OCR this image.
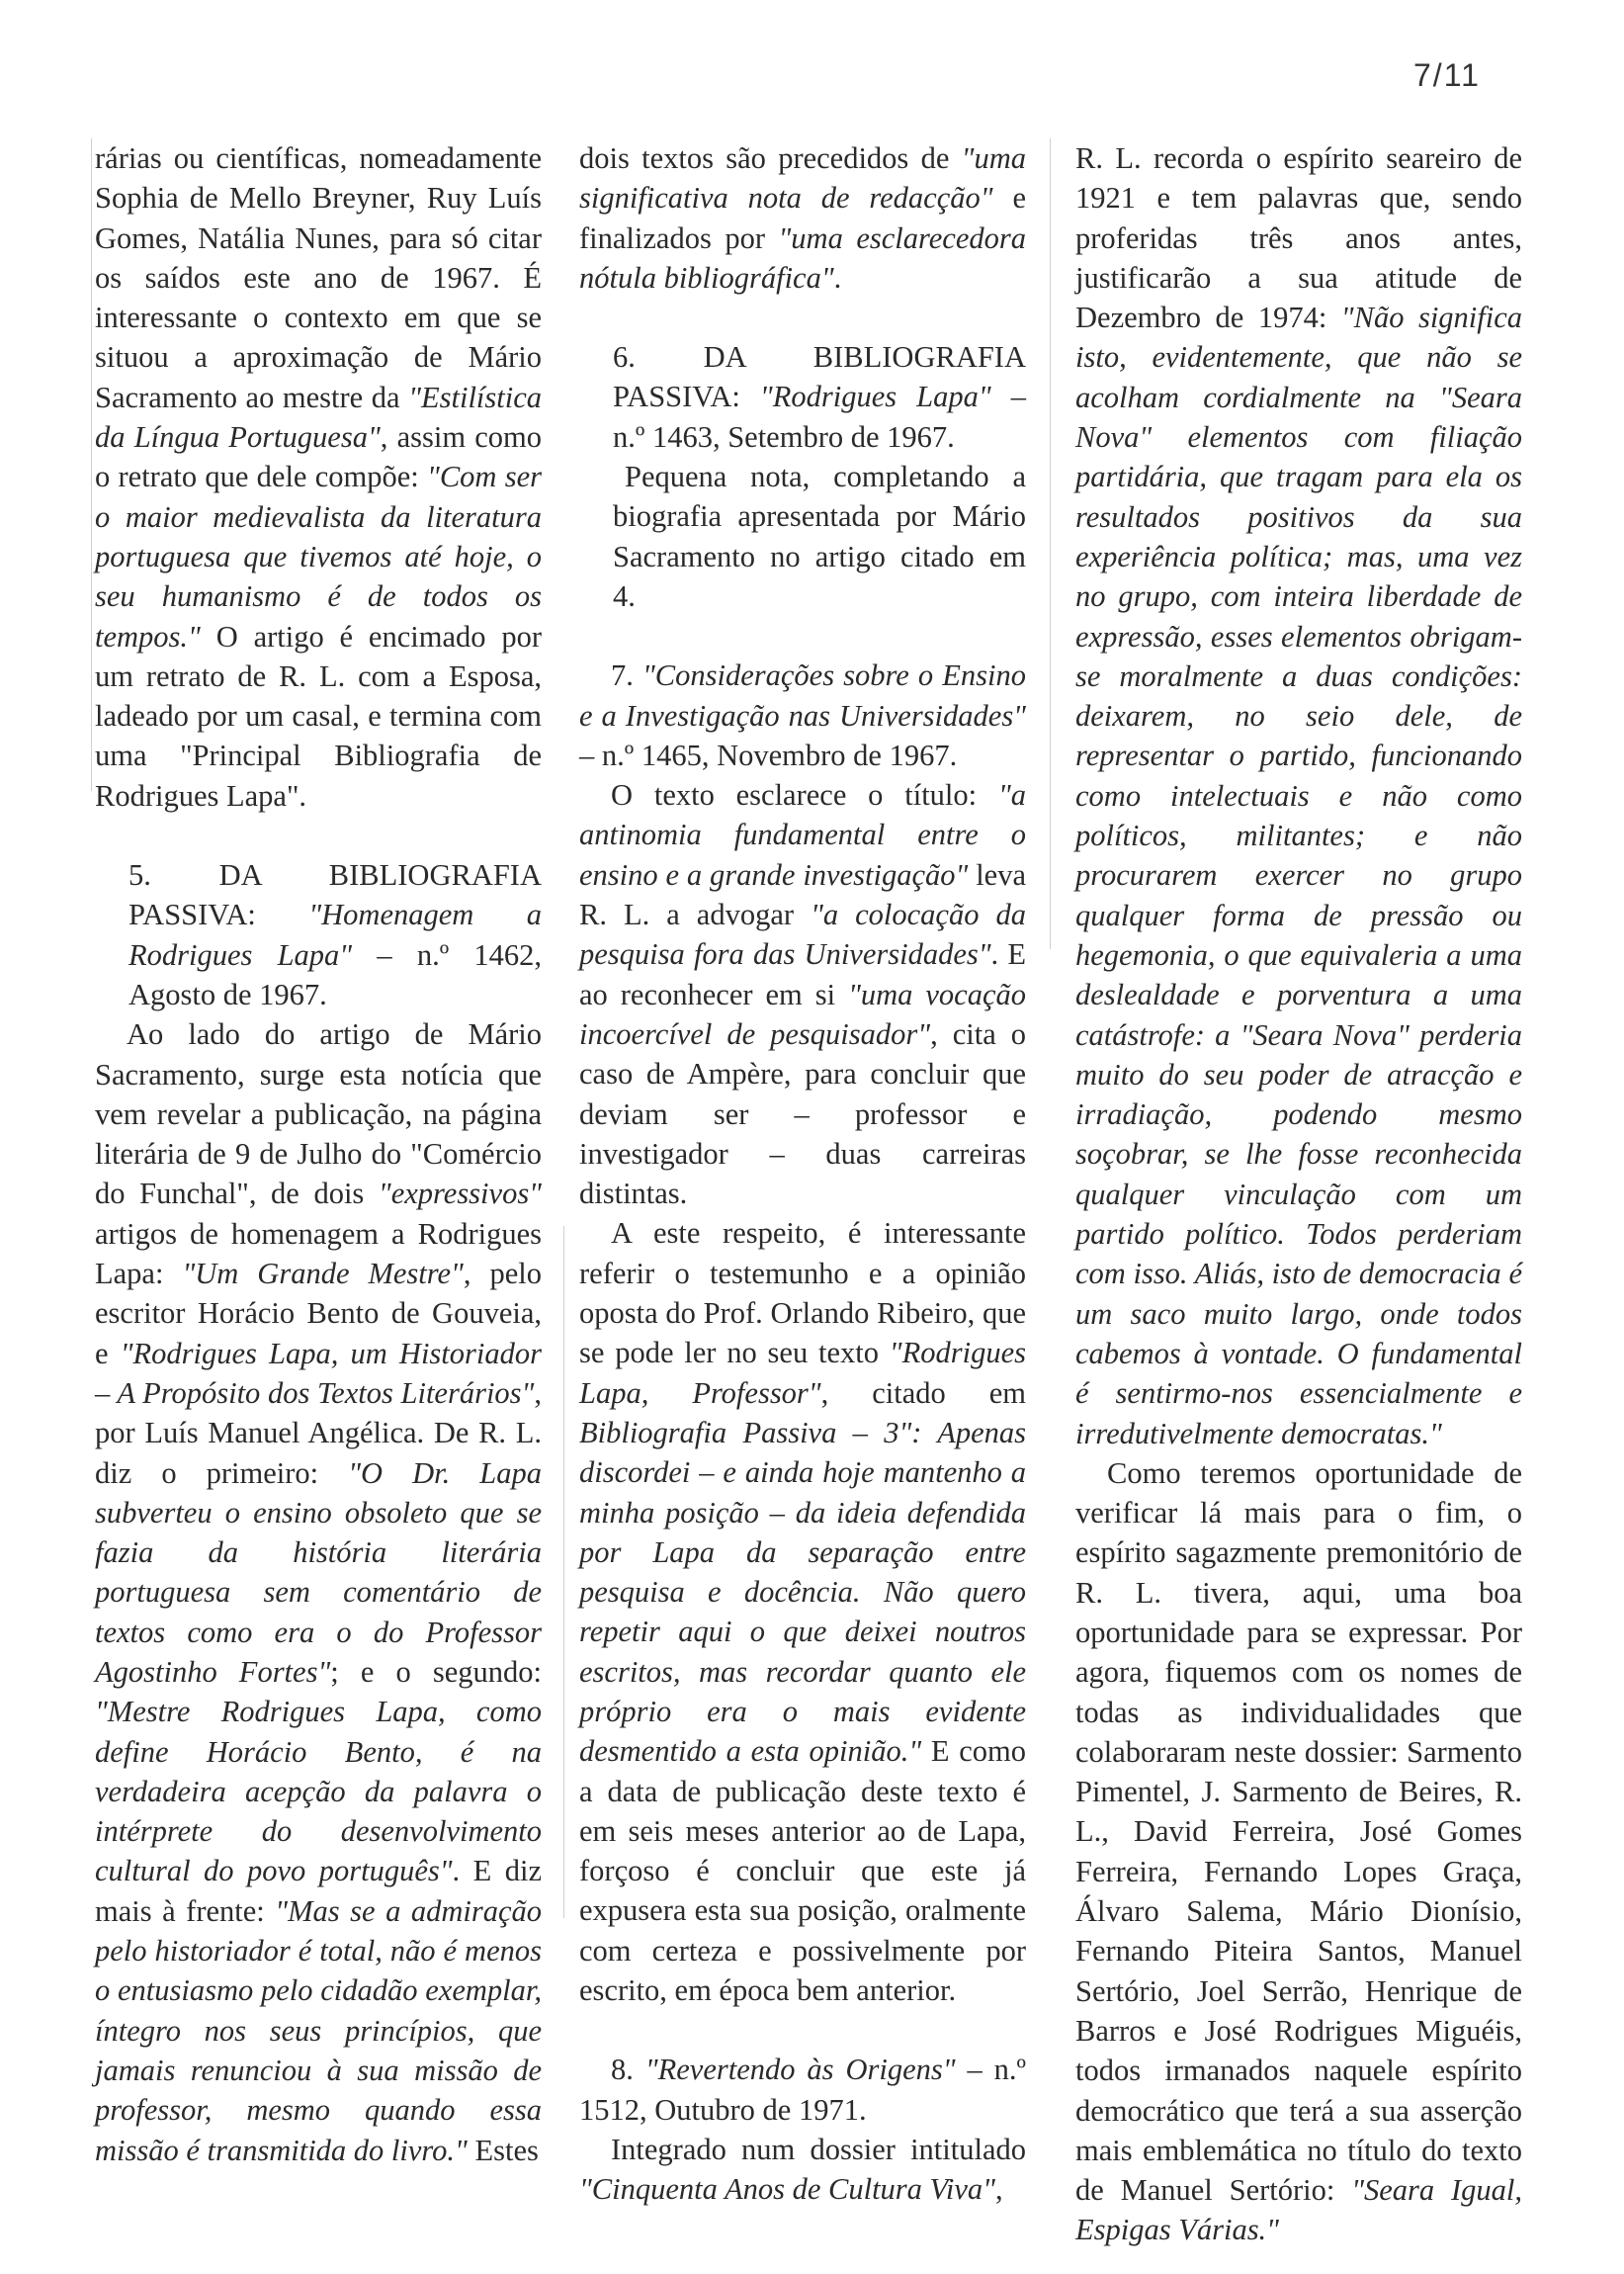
7/11

rárias ou científicas, nomeadamente Sophia de Mello Breyner, Ruy Luís Gomes, Natália Nunes, para só citar os saídos este ano de 1967. É interessante o contexto em que se situou a aproximação de Mário Sacramento ao mestre da "Estilística da Língua Portuguesa", assim como o retrato que dele compõe: "Com ser o maior medievalista da literatura portuguesa que tivemos até hoje, o seu humanismo é de todos os tempos." O artigo é encimado por um retrato de R. L. com a Esposa, ladeado por um casal, e termina com uma "Principal Bibliografia de Rodrigues Lapa".

5. DA BIBLIOGRAFIA PASSIVA: "Homenagem a Rodrigues Lapa" – n.º 1462, Agosto de 1967.

Ao lado do artigo de Mário Sacramento, surge esta notícia que vem revelar a publicação, na página literária de 9 de Julho do "Comércio do Funchal", de dois "expressivos" artigos de homenagem a Rodrigues Lapa: "Um Grande Mestre", pelo escritor Horácio Bento de Gouveia, e "Rodrigues Lapa, um Historiador – A Propósito dos Textos Literários", por Luís Manuel Angélica. De R. L. diz o primeiro: "O Dr. Lapa subverteu o ensino obsoleto que se fazia da história literária portuguesa sem comentário de textos como era o do Professor Agostinho Fortes"; e o segundo: "Mestre Rodrigues Lapa, como define Horácio Bento, é na verdadeira acepção da palavra o intérprete do desenvolvimento cultural do povo português". E diz mais à frente: "Mas se a admiração pelo historiador é total, não é menos o entusiasmo pelo cidadão exemplar, íntegro nos seus princípios, que jamais renunciou à sua missão de professor, mesmo quando essa missão é transmitida do livro." Estes

dois textos são precedidos de "uma significativa nota de redacção" e finalizados por "uma esclarecedora nótula bibliográfica".

6. DA BIBLIOGRAFIA PASSIVA: "Rodrigues Lapa" – n.º 1463, Setembro de 1967.

Pequena nota, completando a biografia apresentada por Mário Sacramento no artigo citado em 4.

7. "Considerações sobre o Ensino e a Investigação nas Universidades" – n.º 1465, Novembro de 1967.

O texto esclarece o título: "a antinomia fundamental entre o ensino e a grande investigação" leva R. L. a advogar "a colocação da pesquisa fora das Universidades". E ao reconhecer em si "uma vocação incoercível de pesquisador", cita o caso de Ampère, para concluir que deviam ser – professor e investigador – duas carreiras distintas.

A este respeito, é interessante referir o testemunho e a opinião oposta do Prof. Orlando Ribeiro, que se pode ler no seu texto "Rodrigues Lapa, Professor", citado em Bibliografia Passiva – 3": Apenas discordei – e ainda hoje mantenho a minha posição – da ideia defendida por Lapa da separação entre pesquisa e docência. Não quero repetir aqui o que deixei noutros escritos, mas recordar quanto ele próprio era o mais evidente desmentido a esta opinião." E como a data de publicação deste texto é em seis meses anterior ao de Lapa, forçoso é concluir que este já expusera esta sua posição, oralmente com certeza e possivelmente por escrito, em época bem anterior.

8. "Revertendo às Origens" – n.º 1512, Outubro de 1971.

Integrado num dossier intitulado "Cinquenta Anos de Cultura Viva",

R. L. recorda o espírito seareiro de 1921 e tem palavras que, sendo proferidas três anos antes, justificarão a sua atitude de Dezembro de 1974: "Não significa isto, evidentemente, que não se acolham cordialmente na "Seara Nova" elementos com filiação partidária, que tragam para ela os resultados positivos da sua experiência política; mas, uma vez no grupo, com inteira liberdade de expressão, esses elementos obrigam-se moralmente a duas condições: deixarem, no seio dele, de representar o partido, funcionando como intelectuais e não como políticos, militantes; e não procurarem exercer no grupo qualquer forma de pressão ou hegemonia, o que equivaleria a uma deslealdade e porventura a uma catástrofe: a "Seara Nova" perderia muito do seu poder de atracção e irradiação, podendo mesmo soçobrar, se lhe fosse reconhecida qualquer vinculação com um partido político. Todos perderiam com isso. Aliás, isto de democracia é um saco muito largo, onde todos cabemos à vontade. O fundamental é sentirmo-nos essencialmente e irredutivelmente democratas."

Como teremos oportunidade de verificar lá mais para o fim, o espírito sagazmente premonitório de R. L. tivera, aqui, uma boa oportunidade para se expressar. Por agora, fiquemos com os nomes de todas as individualidades que colaboraram neste dossier: Sarmento Pimentel, J. Sarmento de Beires, R. L., David Ferreira, José Gomes Ferreira, Fernando Lopes Graça, Álvaro Salema, Mário Dionísio, Fernando Piteira Santos, Manuel Sertório, Joel Serrão, Henrique de Barros e José Rodrigues Miguéis, todos irmanados naquele espírito democrático que terá a sua asserção mais emblemática no título do texto de Manuel Sertório: "Seara Igual, Espigas Várias."
